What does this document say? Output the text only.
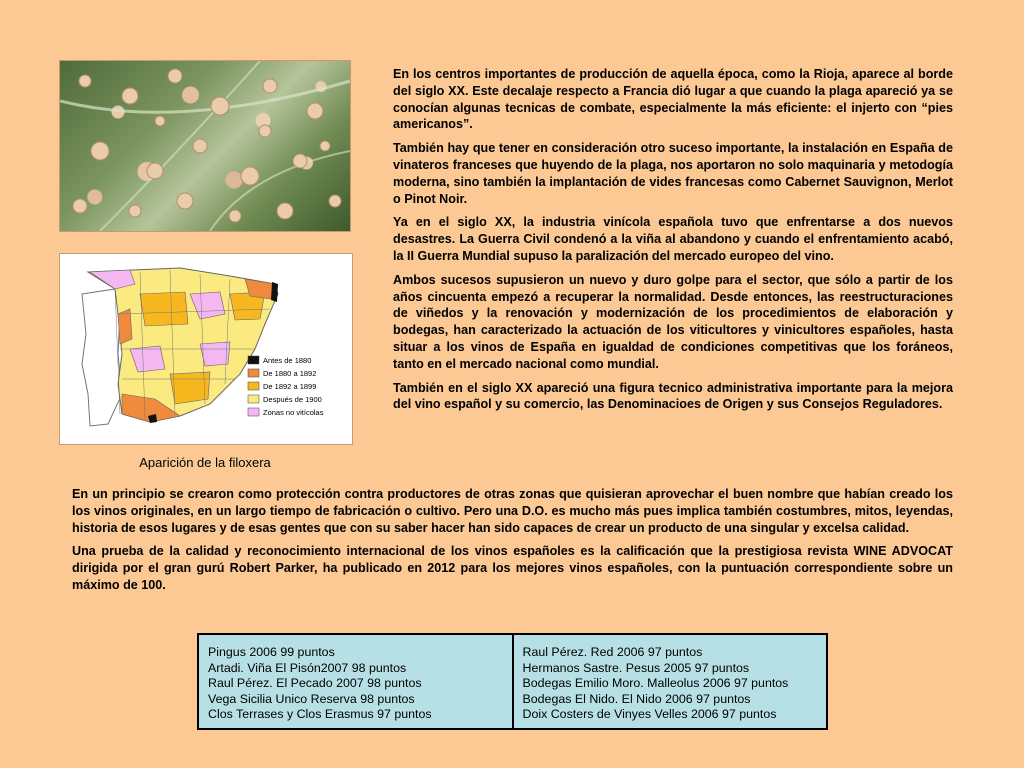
Antes de 1880
De 1880 a 1892
De 1892 a 1899
Después de 1900
Zonas no vitícolas
Aparición de la filoxera

En los centros importantes de producción de aquella época, como la Rioja, aparece al borde del siglo XX. Este decalaje respecto a Francia dió lugar a que cuando la plaga apareció ya se conocían algunas tecnicas de combate, especialmente la más eficiente: el injerto con “pies americanos”.

También hay que tener en consideración otro suceso importante, la instalación en España de vinateros franceses que huyendo de la plaga, nos aportaron no solo maquinaria y metodogía moderna, sino también la implantación de vides francesas como Cabernet Sauvignon, Merlot o Pinot Noir.

Ya en el siglo XX, la industria vinícola española tuvo que enfrentarse a dos nuevos desastres. La Guerra Civil condenó a la viña al abandono y cuando el enfrentamiento acabó, la II Guerra Mundial supuso la paralización del mercado europeo del vino.

Ambos sucesos supusieron un nuevo y duro golpe para el sector, que sólo a partir de los años cincuenta empezó a recuperar la normalidad. Desde entonces, las reestructuraciones de viñedos y la renovación y modernización de los procedimientos de elaboración y bodegas, han caracterizado la actuación de los viticultores y vinicultores españoles, hasta situar a los vinos de España en igualdad de condiciones competitivas que los foráneos, tanto en el mercado nacional como mundial.

También en el siglo XX apareció una figura tecnico administrativa importante para la mejora del vino español y su comercio, las Denominacioes de Origen y sus Consejos Reguladores.

En un principio se crearon como protección contra productores de otras zonas que quisieran aprovechar el buen nombre que habían creado los los vinos originales, en un largo tiempo de fabricación o cultivo. Pero una D.O. es mucho más pues implica también costumbres, mitos, leyendas, historia de esos lugares y de esas gentes que con su saber hacer han sido capaces de crear un producto de una singular y excelsa calidad.

Una prueba de la calidad y reconocimiento internacional de los vinos españoles es la calificación que la prestigiosa revista WINE ADVOCAT dirigida por el gran gurú Robert Parker, ha publicado en 2012 para los mejores vinos españoles, con la puntuación correspondiente sobre un máximo de 100.

Pingus 2006 99 puntos
Artadi. Viña El Pisón2007 98 puntos
Raul Pérez. El Pecado 2007 98 puntos
Vega Sicilia Unico Reserva 98 puntos
Clos Terrases y Clos Erasmus 97 puntos
Raul Pérez. Red 2006 97 puntos
Hermanos Sastre. Pesus 2005 97 puntos
Bodegas Emilio Moro. Malleolus 2006 97 puntos
Bodegas El Nido. El Nido 2006 97 puntos
Doix Costers de Vinyes Velles 2006 97 puntos
